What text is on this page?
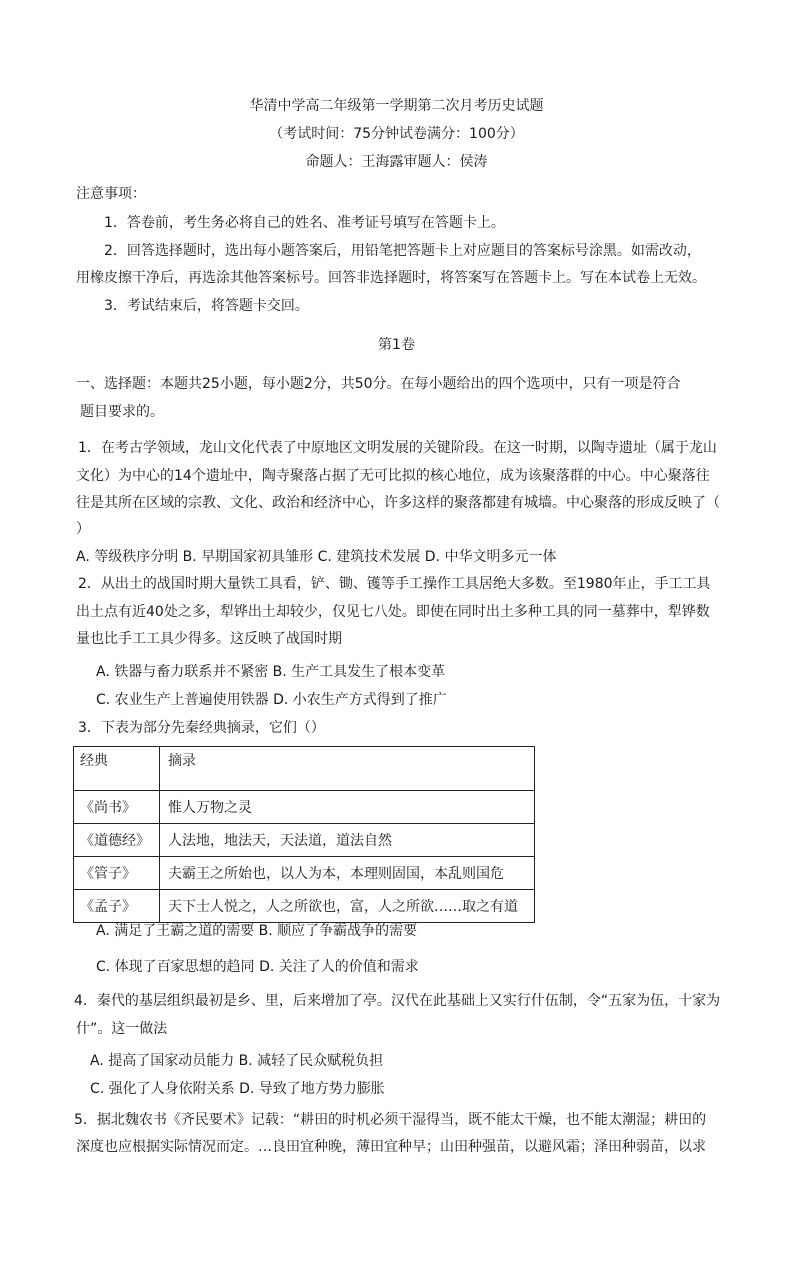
华清中学高二年级第一学期第二次月考历史试题
（考试时间：75分钟试卷满分：100分）
命题人：王海露审题人：侯涛
注意事项：
1．答卷前，考生务必将自己的姓名、准考证号填写在答题卡上。
2．回答选择题时，选出每小题答案后，用铅笔把答题卡上对应题目的答案标号涂黑。如需改动，
用橡皮擦干净后，再选涂其他答案标号。回答非选择题时，将答案写在答题卡上。写在本试卷上无效。
3．考试结束后，将答题卡交回。
第1卷
一、选择题：本题共25小题，每小题2分，共50分。在每小题给出的四个选项中，只有一项是符合
题目要求的。
1．在考古学领域，龙山文化代表了中原地区文明发展的关键阶段。在这一时期，以陶寺遗址（属于龙山
文化）为中心的14个遗址中，陶寺聚落占据了无可比拟的核心地位，成为该聚落群的中心。中心聚落往
往是其所在区域的宗教、文化、政治和经济中心，许多这样的聚落都建有城墙。中心聚落的形成反映了（
）
A. 等级秩序分明 B. 早期国家初具雏形 C. 建筑技术发展 D. 中华文明多元一体
2．从出土的战国时期大量铁工具看，铲、锄、镬等手工操作工具居绝大多数。至1980年止，手工工具
出土点有近40处之多，犁铧出土却较少，仅见七八处。即使在同时出土多种工具的同一墓葬中，犁铧数
量也比手工工具少得多。这反映了战国时期
A. 铁器与畜力联系并不紧密 B. 生产工具发生了根本变革
C. 农业生产上普遍使用铁器 D. 小农生产方式得到了推广
3．下表为部分先秦经典摘录，它们（）
经典	摘录
《尚书》	惟人万物之灵
《道德经》	人法地，地法天，天法道，道法自然
《管子》	夫霸王之所始也，以人为本，本理则固国，本乱则国危
《孟子》	天下士人悦之，人之所欲也，富，人之所欲……取之有道
A. 满足了王霸之道的需要 B. 顺应了争霸战争的需要
C. 体现了百家思想的趋同 D. 关注了人的价值和需求
4．秦代的基层组织最初是乡、里，后来增加了亭。汉代在此基础上又实行什伍制，令“五家为伍，十家为
什”。这一做法
A. 提高了国家动员能力 B. 减轻了民众赋税负担
C. 强化了人身依附关系 D. 导致了地方势力膨胀
5．据北魏农书《齐民要术》记载：“耕田的时机必须干湿得当，既不能太干燥，也不能太潮湿；耕田的
深度也应根据实际情况而定。…良田宜种晚，薄田宜种早；山田种强苗，以避风霜；泽田种弱苗，以求
